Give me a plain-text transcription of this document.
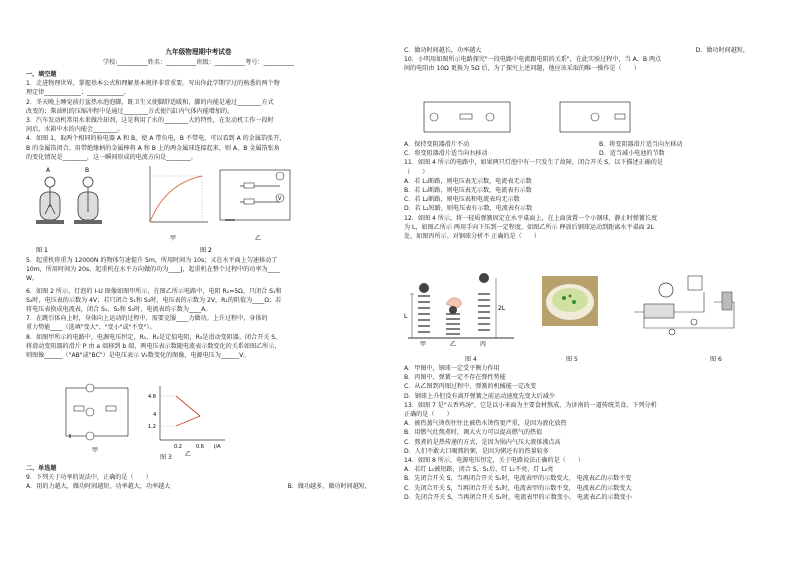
九年级物理期中考试卷
学校:__________姓名：__________班级：__________考号：__________

一、填空题

1．走进物理世界，掌握基本公式和理解基本规律非常重要。写出你此学期学过的熟悉的两个物

理定律____________；____________。

2．冬天晚上睡觉前打盆热水泡泡脚，既卫生又使脚舒适暖和，脚的内能是通过________方式

改变的；柴油机的压缩冲程中是通过________方式使汽缸内气体内能增加的。

3．汽车发动机常用水来做冷却剂，这是利用了水的________大的特性，在发动机工作一段时

间后，水箱中水的内能会________。

4．如图 1，取两个相同的验电器 A 和 B，使 A 带负电，B 不带电，可以看到 A 的金属箔张开，

B 的金属箔闭合。用带绝缘柄的金属棒将 A 和 B 上的两金属球连接起来，则 A、B 金属箔张角

的变化情况是________，这一瞬间形成的电流方向是________。

A	B
甲
V
乙
图 1	图 2

5．起重机将重为 12000N 的物体匀速提升 5m，所用时间为 10s；又在水平面上匀速移动了

10m，所用时间为 20s，起重机在水平方向做的功为____J，起重机在整个过程中的功率为____

W。

6．如图 2 所示，灯泡的 I-U 图像如图甲所示，在图乙所示电路中，电阻 R₂=5Ω，只闭合 S₁和

S₂时，电压表的示数为 4V；若只闭合 S₁和 S₃时，电压表的示数为 2V，R₁的阻值为____Ω；若

将电压表换成电流表，闭合 S₁、S₂和 S₃时，电流表的示数为____A。

7．在跳引体向上时，身体向上运动的过程中，需要克服____力做功。上升过程中，身体的

重力势能____（选填"变大"、"变小"或"不变"）。

8．如图甲所示的电路中，电源电压恒定，R₁、R₂是定值电阻，R₃是滑动变阻器。闭合开关 S，

将滑动变阻器的滑片 P 由 a 端移到 b 端，两电压表示数随电流表示数变化的关系如图乙所示，

则图像______（"AB"或"BC"）是电压表示 V₂数变化的图像，电源电压为______V。

甲
4.8
4
1.2
0.2	0.6 I/A
乙
图 3

二、单选题

9．下列关于功率的说法中，正确的是（　　）

A．用的力越大，做功时间越短，功率越大，功率越大	B．做功越多，做功时间越短，
C．做功时间越长，功率越大	D．做功时间越短，

10．小明用如图所示电路探究"一段电路中电流跟电阻的关系"，在此实验过程中，当 A、B 两点

间的电阻由 10Ω 更换为 5Ω 后，为了探究上述问题，他应该采取的唯一操作是（　　）

A．保持变阻器滑片不动	B．将变阻器滑片适当向左移动
C．将变阻器滑片适当向右移动	D．适当减小电池的节数

11．如图 4 所示的电路中，如果两只灯泡中有一只发生了故障，闭合开关 S，以下描述正确的是

（　　）

A．若 L₁断路，则电压表无示数，电流表无示数

B．若 L₁断路，则电压表无示数，电流表有示数

C．若 L₂断路，则电压表和电流表均无示数

D．若 L₂短路，则电压表有示数，电流表有示数

12．如图 4 所示，将一轻质弹簧固定在水平桌面上，在上面放置一个小钢球，静止时弹簧长度

为 L，如图乙所示 两用手向下压到一定程度，如图乙所示 释放后钢球运动到距离水平桌面 2L

处，如图丙所示。对钢球分析不 正确的是（　　）

L
2L
甲	乙	丙
图 4	图 5	图 6

A．甲图中，钢球一定受平衡力作用

B．丙图中，弹簧一定不存在弹性势能

C．从乙图到丙图过程中，弹簧的机械能一定改变

D．钢球上升但没有离开弹簧之前运动速度先变大后减少

13．如图 7 是"五香鸡汤"，它是以小米面为主要食材熬成，为济南的一道传统美食。下列分析

正确的是（　　）

A．被热蒸气烫伤往往比被热水烫伤更严重，是因为液化放热

B．用燃气灶熬煮时，调大火力可以提高燃气的热值

C．熬煮的是热传递的方式，是因为锅内气压大液体沸点高

D．人们不敢大口喝熬的粥，是因为粥还有的热量较多

14．如图 8 所示，电源电压恒定，关于电路说法正确的是（　　）

A．若灯 L₁被短路，闭合 S、S₁后，灯 L₁不亮，灯 L₂亮

B．先闭合开关 S，当再闭合开关 S₁时，电流表甲的示数变大， 电流表乙的示数不变

C．先闭合开关 S，当再闭合开关 S₁时，电流表甲的示数不变， 电流表乙的示数变大

D．先闭合开关 S，当再闭合开关 S₁时，电流表甲的示数变小， 电流表乙的示数变小
